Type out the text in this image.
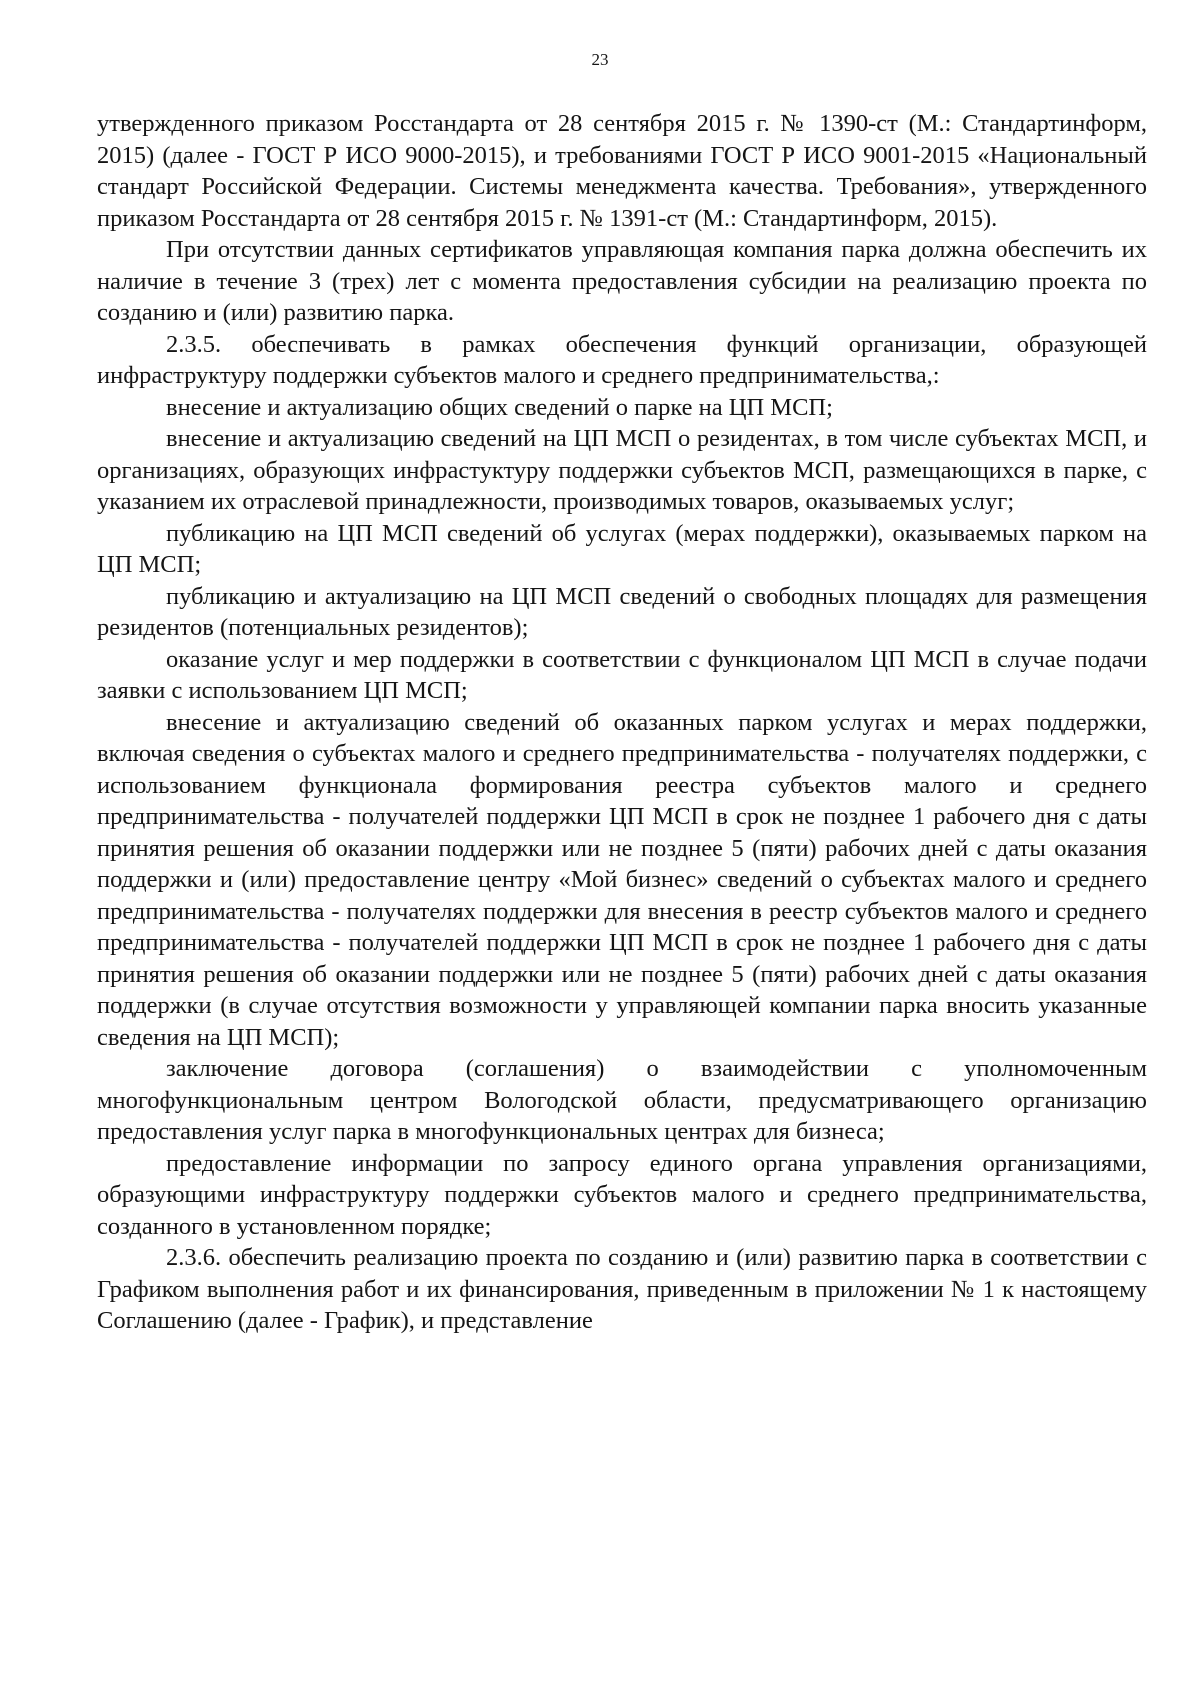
23

утвержденного приказом Росстандарта от 28 сентября 2015 г. № 1390-ст (М.: Стандартинформ, 2015) (далее - ГОСТ Р ИСО 9000-2015), и требованиями ГОСТ Р ИСО 9001-2015 «Национальный стандарт Российской Федерации. Системы менеджмента качества. Требования», утвержденного приказом Росстандарта от 28 сентября 2015 г. № 1391-ст (М.: Стандартинформ, 2015).

При отсутствии данных сертификатов управляющая компания парка должна обеспечить их наличие в течение 3 (трех) лет с момента предоставления субсидии на реализацию проекта по созданию и (или) развитию парка.

2.3.5. обеспечивать в рамках обеспечения функций организации, образующей инфраструктуру поддержки субъектов малого и среднего предпринимательства,:

внесение и актуализацию общих сведений о парке на ЦП МСП;

внесение и актуализацию сведений на ЦП МСП о резидентах, в том числе субъектах МСП, и организациях, образующих инфрастуктуру поддержки субъектов МСП, размещающихся в парке, с указанием их отраслевой принадлежности, производимых товаров, оказываемых услуг;

публикацию на ЦП МСП сведений об услугах (мерах поддержки), оказываемых парком на ЦП МСП;

публикацию и актуализацию на ЦП МСП сведений о свободных площадях для размещения резидентов (потенциальных резидентов);

оказание услуг и мер поддержки в соответствии с функционалом ЦП МСП в случае подачи заявки с использованием ЦП МСП;

внесение и актуализацию сведений об оказанных парком услугах и мерах поддержки, включая сведения о субъектах малого и среднего предпринимательства - получателях поддержки, с использованием функционала формирования реестра субъектов малого и среднего предпринимательства - получателей поддержки ЦП МСП в срок не позднее 1 рабочего дня с даты принятия решения об оказании поддержки или не позднее 5 (пяти) рабочих дней с даты оказания поддержки и (или) предоставление центру «Мой бизнес» сведений о субъектах малого и среднего предпринимательства - получателях поддержки для внесения в реестр субъектов малого и среднего предпринимательства - получателей поддержки ЦП МСП в срок не позднее 1 рабочего дня с даты принятия решения об оказании поддержки или не позднее 5 (пяти) рабочих дней с даты оказания поддержки (в случае отсутствия возможности у управляющей компании парка вносить указанные сведения на ЦП МСП);

заключение договора (соглашения) о взаимодействии с уполномоченным многофункциональным центром Вологодской области, предусматривающего организацию предоставления услуг парка в многофункциональных центрах для бизнеса;

предоставление информации по запросу единого органа управления организациями, образующими инфраструктуру поддержки субъектов малого и среднего предпринимательства, созданного в установленном порядке;

2.3.6. обеспечить реализацию проекта по созданию и (или) развитию парка в соответствии с Графиком выполнения работ и их финансирования, приведенным в приложении № 1 к настоящему Соглашению (далее - График), и представление
